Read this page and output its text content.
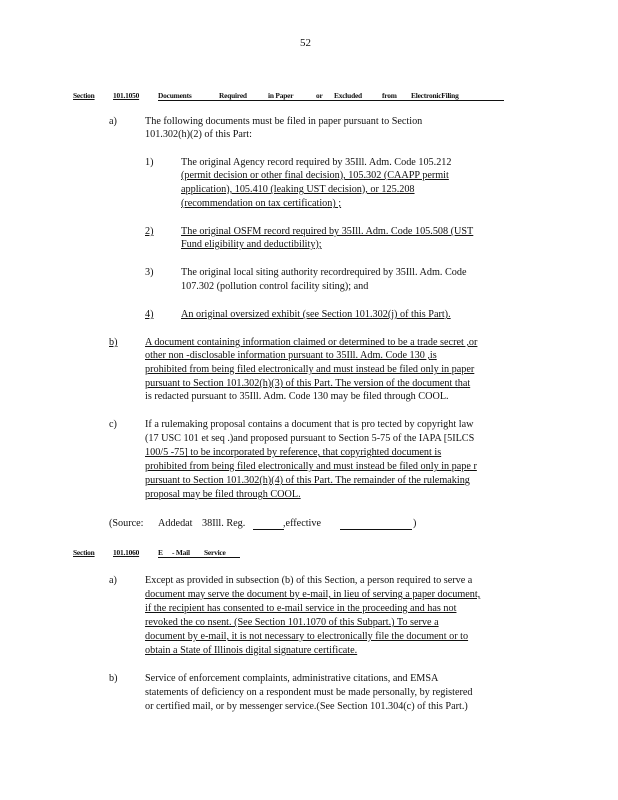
52
Section 101.1050	Documents	Required	in Paper	or Excluded	from ElectronicFiling
a)	The following documents must be filed in paper pursuant to Section
101.302(h)(2) of this Part:
1)	The original Agency record required by 35Ill. Adm. Code 105.212
(permit decision or other final decision), 105.302 (CAAPP permit
application), 105.410 (leaking UST decision), or 125.208
(recommendation on tax certification) ;
2)	The original OSFM record required by 35Ill. Adm. Code 105.508 (UST
Fund eligibility and deductibility);
3)	The original local siting authority recordrequired by 35Ill. Adm. Code
107.302 (pollution control facility siting); and
4)	An original oversized exhibit (see Section 101.302(j) of this Part).
b)	A document containing information claimed or determined to be a trade secret ,or
other non -disclosable information pursuant to 35Ill. Adm. Code 130 ,is
prohibited from being filed electronically and must instead be filed only in paper
pursuant to Section 101.302(h)(3) of this Part. The version of the document that
is redacted pursuant to 35Ill. Adm. Code 130 may be filed through COOL.
c)	If a rulemaking proposal contains a document that is pro tected by copyright law
(17 USC 101 et seq .)and proposed pursuant to Section 5-75 of the IAPA [5ILCS
100/5 -75] to be incorporated by reference, that copyrighted document is
prohibited from being filed electronically and must instead be filed only in pape r
pursuant to Section 101.302(h)(4) of this Part. The remainder of the rulemaking
proposal may be filed through COOL.
(Source: Addedat 38Ill. Reg.	,effective	)
Section 101.1060	E - Mail Service
a)	Except as provided in subsection (b) of this Section, a person required to serve a
document may serve the document by e-mail, in lieu of serving a paper document,
if the recipient has consented to e-mail service in the proceeding and has not
revoked the co nsent. (See Section 101.1070 of this Subpart.) To serve a
document by e-mail, it is not necessary to electronically file the document or to
obtain a State of Illinois digital signature certificate.
b)	Service of enforcement complaints, administrative citations, and EMSA
statements of deficiency on a respondent must be made personally, by registered
or certified mail, or by messenger service.(See Section 101.304(c) of this Part.)
